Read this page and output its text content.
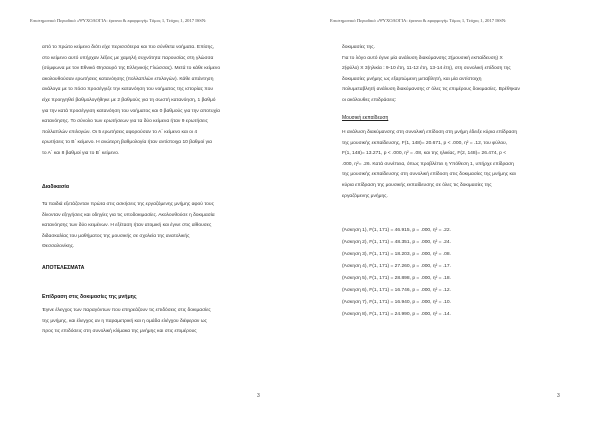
Επιστημονικό Περιοδικό «ΨΥΧΟΛΟΓΙΑ: έρευνα & εφαρμογή» Τόμος 1, Τεύχος 1, 2017 ISSN:
από το πρώτο κείμενο διότι είχε περισσότερα και πιο σύνθετα νοήματα. Επίσης,
στο κείμενο αυτό υπήρχαν λέξεις με χαμηλή συχνότητα παρουσίας στη γλώσσα
(σύμφωνα με τον Εθνικό Θησαυρό της Ελληνικής Γλώσσας). Μετά το κάθε κείμενο
ακολουθούσαν ερωτήσεις κατανόησης (πολλαπλών επιλογών). Κάθε απάντηση
ανάλογα με το πόσο προσέγγιζε την κατανόηση του νοήματος της ιστορίας που
είχε προηγηθεί βαθμολογήθηκε με 2 βαθμούς για τη σωστή κατανόηση, 1 βαθμό
για την κατά προσέγγιση κατανόηση του νοήματος και 0 βαθμούς για την αποτυχία
κατανόησης. Το σύνολο των ερωτήσεων για τα δύο κείμενα ήταν 9 ερωτήσεις
πολλαπλών επιλογών. Οι 5 ερωτήσεις αφορούσαν το Α΄ κείμενο και οι 4
ερωτήσεις το Β΄ κείμενο. Η ανώτερη βαθμολογία ήταν αντίστοιχα 10 βαθμοί για
το Α΄ και 8 βαθμοί για το Β΄ κείμενο.
Διαδικασία
Τα παιδιά εξετάζονταν πρώτα στις ασκήσεις της εργαζόμενης μνήμης αφού τους
δίνονταν εξηγήσεις και οδηγίες για τις υποδοκιμασίες. Ακολουθούσε η δοκιμασία
κατανόησης των δύο κειμένων. Η εξέταση ήταν ατομική και έγινε στις αίθουσες
διδασκαλίας του μαθήματος της μουσικής σε σχολεία της ανατολικής
Θεσσαλονίκης.
ΑΠΟΤΕΛΕΣΜΑΤΑ
Επίδραση στις δοκιμασίες της μνήμης
Έγινε έλεγχος των παραγόντων που επηρεάζουν τις επιδόσεις στις δοκιμασίες
της μνήμης, και έλεγχος αν η παραμετρική και η ομάδα ελέγχου διέφεραν ως
προς τις επιδόσεις στη συνολική κλίμακα της μνήμης και στις επιμέρους
3
Επιστημονικό Περιοδικό «ΨΥΧΟΛΟΓΙΑ: έρευνα & εφαρμογή» Τόμος 1, Τεύχος 1, 2017 ISSN:
δοκιμασίες της.
Για το λόγο αυτό έγινε μία ανάλυση διακύμανσης 2(μουσική εκπαίδευση) Χ
2(φύλο) Χ 3(ηλικία : 9-10 έτη, 11-12 έτη, 13-14 έτη), στη συνολική επίδοση της
δοκιμασίες μνήμης ως εξαρτώμενη μεταβλητή, και μία αντίστοιχη
πολυμεταβλητή ανάλυση διακύμανσης σ' όλες τις επιμέρους δοκιμασίες. Βρέθηκαν
οι ακόλουθες επιδράσεις:
Μουσική εκπαίδευση
Η ανάλυση διακύμανσης στη συνολική επίδοση στη μνήμη έδειξε κύρια επίδραση
της μουσικής εκπαίδευσης, F(1, 148)= 20.671, p < .000, η² = .12, του φύλου,
F(1, 148)= 13.271, p < .000, η² = .08, και της ηλικίας, F(2, 148)= 26.474, p <
.000, η²= .26. Κατά συνέπεια, όπως προβλέπει η Υπόθεση 1, υπήρχε επίδραση
της μουσικής εκπαίδευσης στη συνολική επίδοση στις δοκιμασίες της μνήμης και
κύρια επίδραση της μουσικής εκπαίδευσης σε όλες τις δοκιμασίες της
εργαζόμενης μνήμης.
(Άσκηση 1), F(1, 171) = 46.915, p = .000, η² = .22.
(Άσκηση 2), F(1, 171) = 48.351, p = .000, η² = .24.
(Άσκηση 3), F(1, 171) = 18.203, p = .000, η² = .08.
(Άσκηση 4), F(1, 171) = 27.260, p = .000, η² = .17.
(Άσκηση 5), F(1, 171) = 28.898, p = .000, η² = .18.
(Άσκηση 6), F(1, 171) = 16.746, p = .000, η² = .12.
(Άσκηση 7), F(1, 171) = 16.940, p = .000, η² = .10.
(Άσκηση 8), F(1, 171) = 24.990, p = .000, η² = .14.
3
